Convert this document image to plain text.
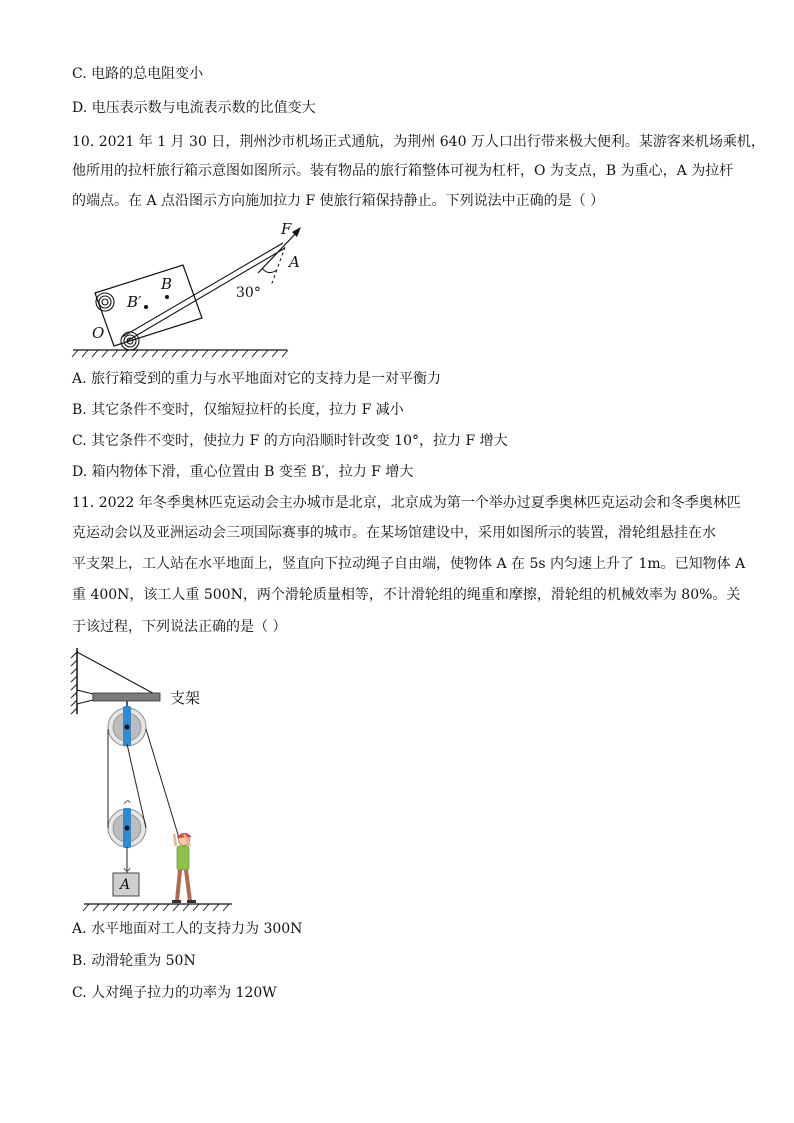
C. 电路的总电阻变小
D. 电压表示数与电流表示数的比值变大
10. 2021 年 1 月 30 日，荆州沙市机场正式通航，为荆州 640 万人口出行带来极大便利。某游客来机场乘机，
他所用的拉杆旅行箱示意图如图所示。装有物品的旅行箱整体可视为杠杆，O 为支点，B 为重心，A 为拉杆
的端点。在 A 点沿图示方向施加拉力 F 使旅行箱保持静止。下列说法中正确的是（ ）
F
A
B
B′
O
30°
A. 旅行箱受到的重力与水平地面对它的支持力是一对平衡力
B. 其它条件不变时，仅缩短拉杆的长度，拉力 F 减小
C. 其它条件不变时，使拉力 F 的方向沿顺时针改变 10°，拉力 F 增大
D. 箱内物体下滑，重心位置由 B 变至 B′，拉力 F 增大
11. 2022 年冬季奥林匹克运动会主办城市是北京，北京成为第一个举办过夏季奥林匹克运动会和冬季奥林匹
克运动会以及亚洲运动会三项国际赛事的城市。在某场馆建设中，采用如图所示的装置，滑轮组悬挂在水
平支架上，工人站在水平地面上，竖直向下拉动绳子自由端，使物体 A 在 5s 内匀速上升了 1m。已知物体 A
重 400N，该工人重 500N，两个滑轮质量相等，不计滑轮组的绳重和摩擦，滑轮组的机械效率为 80%。关
于该过程，下列说法正确的是（ ）
支架
A
A. 水平地面对工人的支持力为 300N
B. 动滑轮重为 50N
C. 人对绳子拉力的功率为 120W
